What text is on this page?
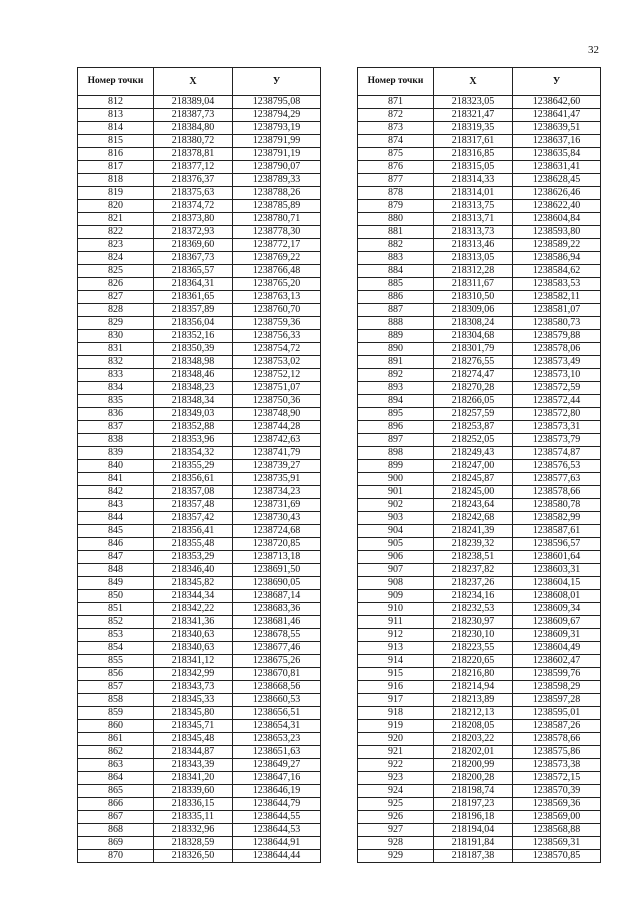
32
Номер точки	Х	У
812	218389,04	1238795,08
813	218387,73	1238794,29
814	218384,80	1238793,19
815	218380,72	1238791,99
816	218378,81	1238791,19
817	218377,12	1238790,07
818	218376,37	1238789,33
819	218375,63	1238788,26
820	218374,72	1238785,89
821	218373,80	1238780,71
822	218372,93	1238778,30
823	218369,60	1238772,17
824	218367,73	1238769,22
825	218365,57	1238766,48
826	218364,31	1238765,20
827	218361,65	1238763,13
828	218357,89	1238760,70
829	218356,04	1238759,36
830	218352,16	1238756,33
831	218350,39	1238754,72
832	218348,98	1238753,02
833	218348,46	1238752,12
834	218348,23	1238751,07
835	218348,34	1238750,36
836	218349,03	1238748,90
837	218352,88	1238744,28
838	218353,96	1238742,63
839	218354,32	1238741,79
840	218355,29	1238739,27
841	218356,61	1238735,91
842	218357,08	1238734,23
843	218357,48	1238731,69
844	218357,42	1238730,43
845	218356,41	1238724,68
846	218355,48	1238720,85
847	218353,29	1238713,18
848	218346,40	1238691,50
849	218345,82	1238690,05
850	218344,34	1238687,14
851	218342,22	1238683,36
852	218341,36	1238681,46
853	218340,63	1238678,55
854	218340,63	1238677,46
855	218341,12	1238675,26
856	218342,99	1238670,81
857	218343,73	1238668,56
858	218345,33	1238660,53
859	218345,80	1238656,51
860	218345,71	1238654,31
861	218345,48	1238653,23
862	218344,87	1238651,63
863	218343,39	1238649,27
864	218341,20	1238647,16
865	218339,60	1238646,19
866	218336,15	1238644,79
867	218335,11	1238644,55
868	218332,96	1238644,53
869	218328,59	1238644,91
870	218326,50	1238644,44
Номер точки	Х	У
871	218323,05	1238642,60
872	218321,47	1238641,47
873	218319,35	1238639,51
874	218317,61	1238637,16
875	218316,85	1238635,84
876	218315,05	1238631,41
877	218314,33	1238628,45
878	218314,01	1238626,46
879	218313,75	1238622,40
880	218313,71	1238604,84
881	218313,73	1238593,80
882	218313,46	1238589,22
883	218313,05	1238586,94
884	218312,28	1238584,62
885	218311,67	1238583,53
886	218310,50	1238582,11
887	218309,06	1238581,07
888	218308,24	1238580,73
889	218304,68	1238579,88
890	218301,79	1238578,06
891	218276,55	1238573,49
892	218274,47	1238573,10
893	218270,28	1238572,59
894	218266,05	1238572,44
895	218257,59	1238572,80
896	218253,87	1238573,31
897	218252,05	1238573,79
898	218249,43	1238574,87
899	218247,00	1238576,53
900	218245,87	1238577,63
901	218245,00	1238578,66
902	218243,64	1238580,78
903	218242,68	1238582,99
904	218241,39	1238587,61
905	218239,32	1238596,57
906	218238,51	1238601,64
907	218237,82	1238603,31
908	218237,26	1238604,15
909	218234,16	1238608,01
910	218232,53	1238609,34
911	218230,97	1238609,67
912	218230,10	1238609,31
913	218223,55	1238604,49
914	218220,65	1238602,47
915	218216,80	1238599,76
916	218214,94	1238598,29
917	218213,89	1238597,28
918	218212,13	1238595,01
919	218208,05	1238587,26
920	218203,22	1238578,66
921	218202,01	1238575,86
922	218200,99	1238573,38
923	218200,28	1238572,15
924	218198,74	1238570,39
925	218197,23	1238569,36
926	218196,18	1238569,00
927	218194,04	1238568,88
928	218191,84	1238569,31
929	218187,38	1238570,85
